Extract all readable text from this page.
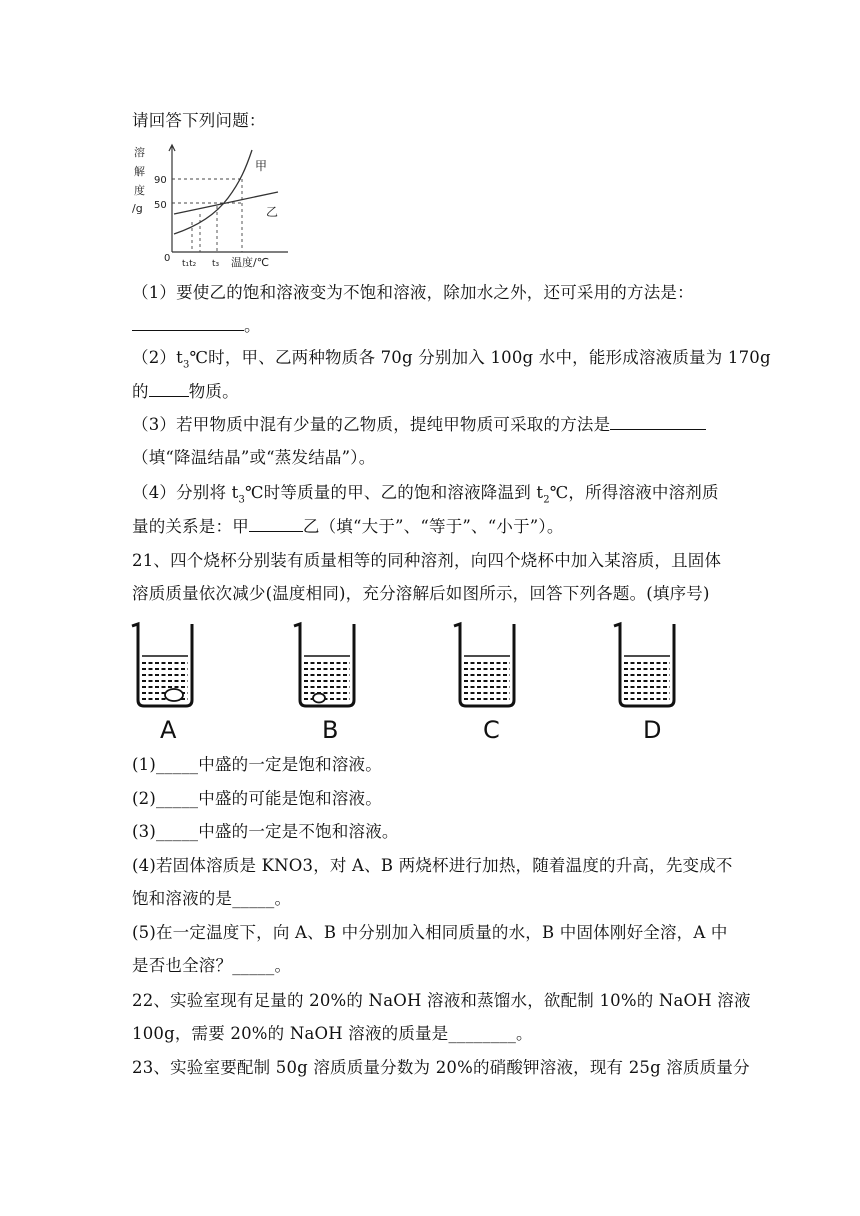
请回答下列问题：
溶
解
度
/g
90
50
0 t₁t₂ t₃ 温度/℃
甲
乙
（1）要使乙的饱和溶液变为不饱和溶液，除加水之外，还可采用的方法是：
。
$(2)t_3℃$时，甲、乙两种物质各 70g 分别加入 100g 水中，能形成溶液质量为 170g
的 物质。
（3）若甲物质中混有少量的乙物质，提纯甲物质可采取的方法是
（填“降温结晶”或“蒸发结晶”）。
（4）分别将 $t_3℃$时等质量的甲、乙的饱和溶液降温到 $t_2℃$，所得溶液中溶剂质
量的关系是：甲	乙（填“大于”、“等于”、“小于”）。
21、四个烧杯分别装有质量相等的同种溶剂，向四个烧杯中加入某溶质，且固体
溶质质量依次减少(温度相同)，充分溶解后如图所示，回答下列各题。(填序号)
A	B	C	D
(1)_____中盛的一定是饱和溶液。
(2)_____中盛的可能是饱和溶液。
(3)_____中盛的一定是不饱和溶液。
(4)若固体溶质是 KNO3，对 A、B 两烧杯进行加热，随着温度的升高，先变成不
饱和溶液的是_____。
(5)在一定温度下，向 A、B 中分别加入相同质量的水，B 中固体刚好全溶，A 中
是否也全溶？_____。
22、实验室现有足量的 20%的 NaOH 溶液和蒸馏水，欲配制 10%的 NaOH 溶液
100g，需要 20%的 NaOH 溶液的质量是________。
23、实验室要配制 50g 溶质质量分数为 20%的硝酸钾溶液，现有 25g 溶质质量分
